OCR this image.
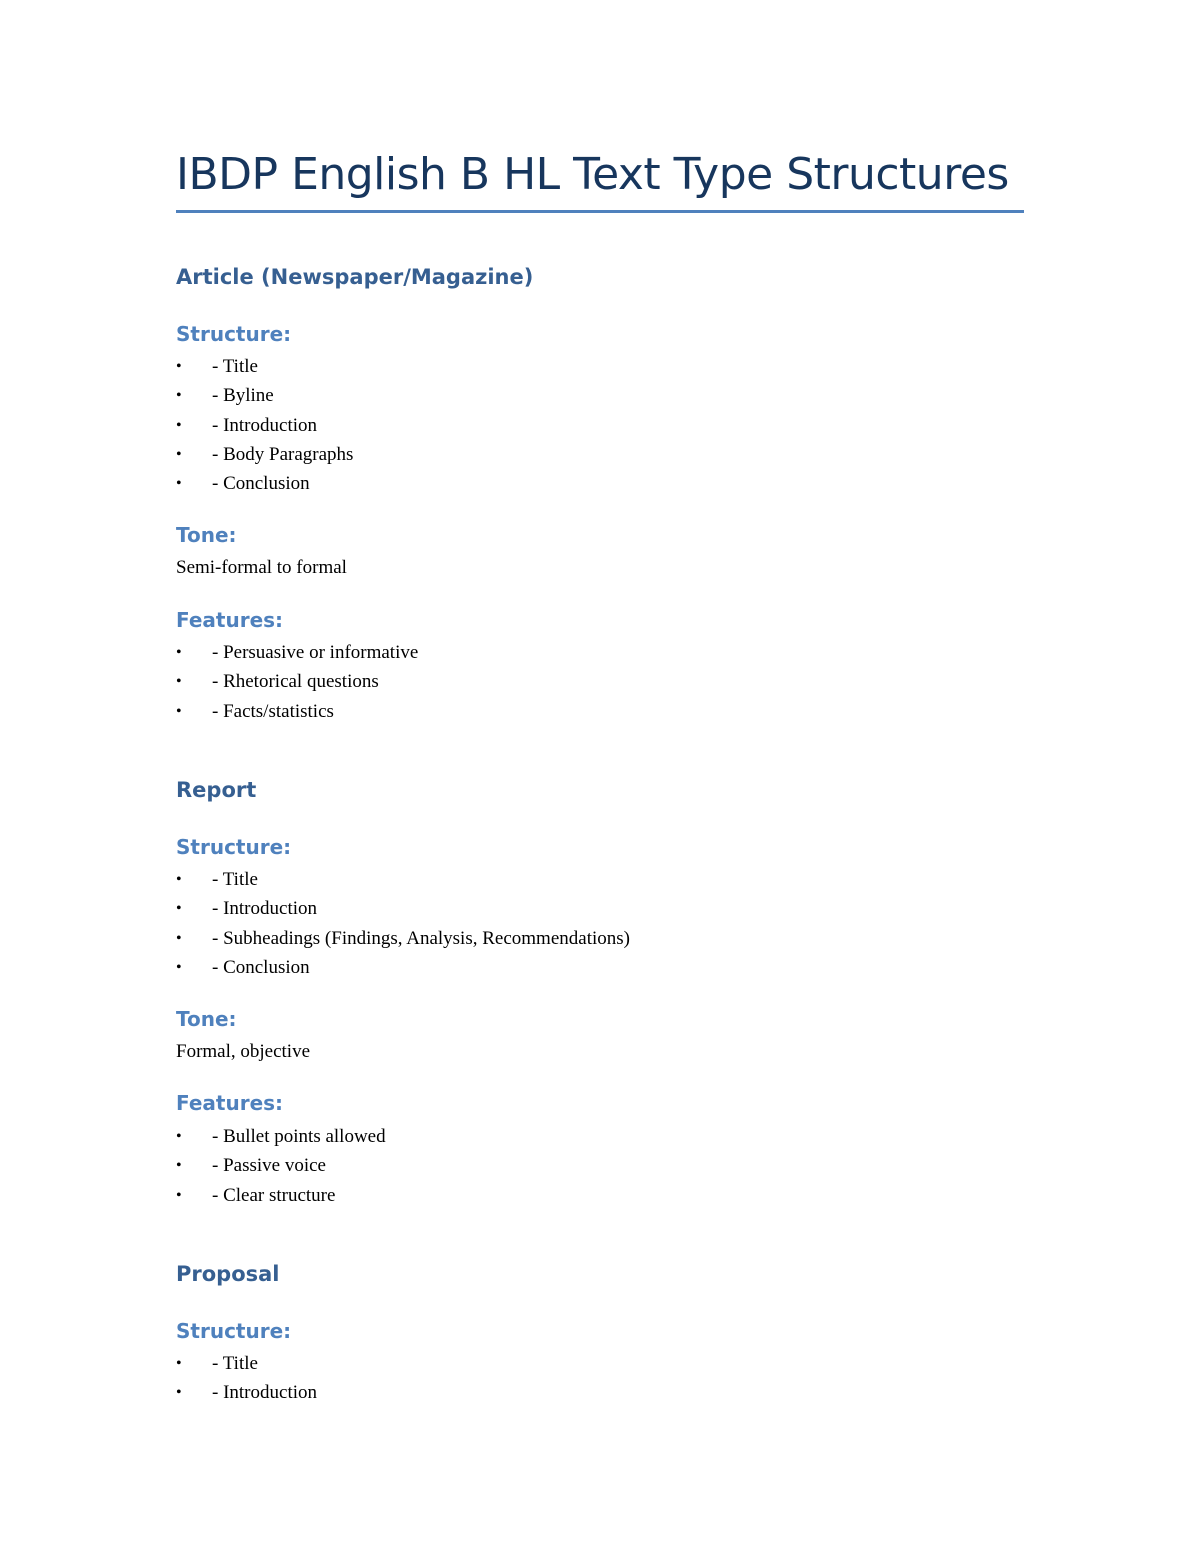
IBDP English B HL Text Type Structures
Article (Newspaper/Magazine)
Structure:
•	- Title
•	- Byline
•	- Introduction
•	- Body Paragraphs
•	- Conclusion
Tone:

Semi-formal to formal

Features:
•	- Persuasive or informative
•	- Rhetorical questions
•	- Facts/statistics
Report
Structure:
•	- Title
•	- Introduction
•	- Subheadings (Findings, Analysis, Recommendations)
•	- Conclusion
Tone:

Formal, objective

Features:
•	- Bullet points allowed
•	- Passive voice
•	- Clear structure
Proposal
Structure:
•	- Title
•	- Introduction
